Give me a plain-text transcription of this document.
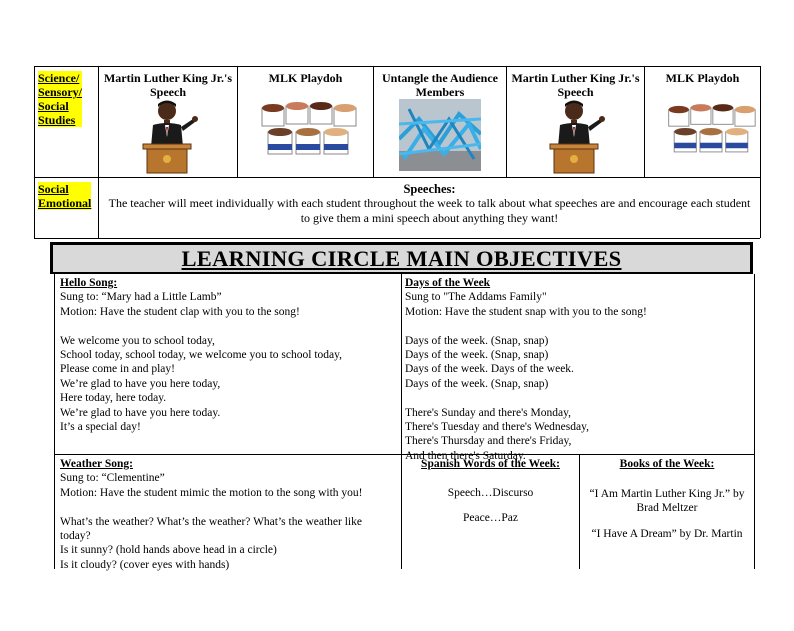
Science/
Sensory/
Social
Studies
Martin Luther King Jr.'s Speech
MLK Playdoh	Untangle the Audience Members
Martin Luther King Jr.'s Speech
MLK Playdoh
Social
Emotional
Speeches:
The teacher will meet individually with each student throughout the week to talk about what speeches are and encourage each student to give them a mini speech about anything they want!
LEARNING CIRCLE MAIN OBJECTIVES
Hello Song:
Sung to: “Mary had a Little Lamb”
Motion: Have the student clap with you to the song!

We welcome you to school today,
School today, school today, we welcome you to school today,
Please come in and play!
We’re glad to have you here today,
Here today, here today.
We’re glad to have you here today.
It’s a special day!
Days of the Week
Sung to "The Addams Family"
Motion: Have the student snap with you to the song!

Days of the week. (Snap, snap)
Days of the week. (Snap, snap)
Days of the week. Days of the week.
Days of the week. (Snap, snap)

There's Sunday and there's Monday,
There's Tuesday and there's Wednesday,
There's Thursday and there's Friday,
And then there's Saturday.
Weather Song:
Sung to: “Clementine”
Motion: Have the student mimic the motion to the song with you!

What’s the weather? What’s the weather? What’s the weather like
today?
Is it sunny? (hold hands above head in a circle)
Is it cloudy? (cover eyes with hands)
Spanish Words of the Week:
Speech…Discurso
Peace…Paz
Books of the Week:
“I Am Martin Luther King Jr.” by
Brad Meltzer
“I Have A Dream” by Dr. Martin
